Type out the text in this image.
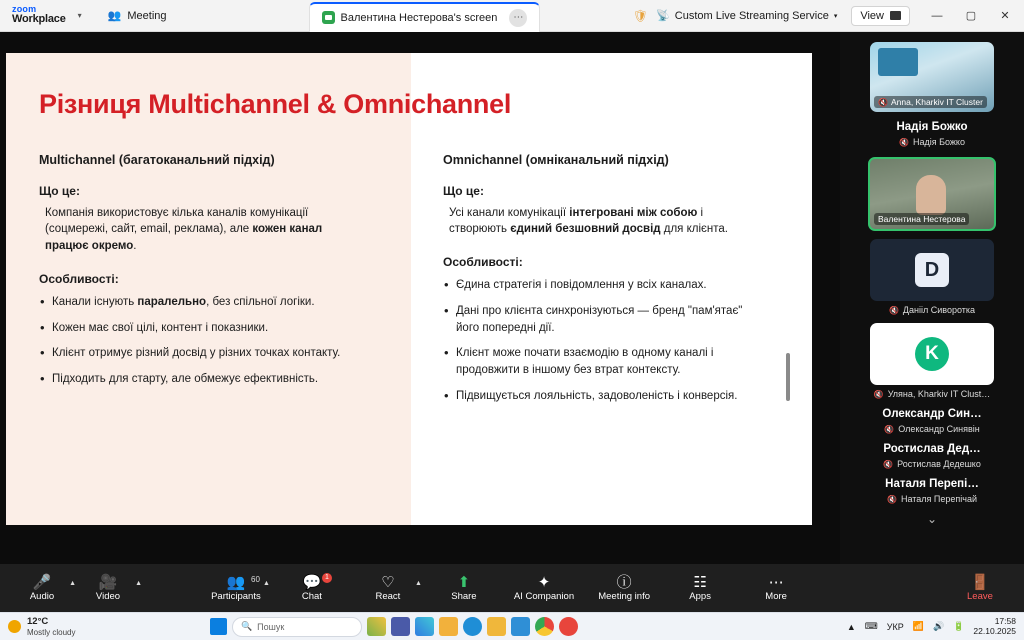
zoom
Workplace ▾	👥 Meeting	Валентина Нестерова's screen	⋯	🛡 📡 Custom Live Streaming Service ▾ View	—	▢	✕
Різниця Multichannel & Omnichannel
Multichannel (багатоканальний підхід)
Що це:

Компанія використовує кілька каналів комунікації (соцмережі, сайт, email, реклама), але кожен канал працює окремо.

Особливості:
• Канали існують паралельно, без спільної логіки.
• Кожен має свої цілі, контент і показники.
• Клієнт отримує різний досвід у різних точках контакту.
• Підходить для старту, але обмежує ефективність.
Omnichannel (омніканальний підхід)
Що це:

Усі канали комунікації інтегровані між собою і створюють єдиний безшовний досвід для клієнта.

Особливості:
• Єдина стратегія і повідомлення у всіх каналах.
• Дані про клієнта синхронізуються — бренд "пам'ятає" його попередні дії.
• Клієнт може почати взаємодію в одному каналі і продовжити в іншому без втрат контексту.
• Підвищується лояльність, задоволеність і конверсія.
🔇 Anna, Kharkiv IT Cluster
Надія Божко
🔇 Надія Божко
Валентина Нестерова
D
🔇 Данііл Сиворотка
K
🔇 Уляна, Kharkiv IT Clust…
Олександр Син…
🔇 Олександр Синявін
Ростислав Дед…
🔇 Ростислав Дедешко
Наталя Перепі…
🔇 Наталя Перепічай
⌄
🎤
Audio
▲ 🎥
Video
▲	👥 60
Participants
▲ 💬 1
Chat
♡
React
▲ ⬆
Share
✦
AI Companion
ⓘ
Meeting info
☷
Apps
⋯
More
🚪
Leave
12°C
Mostly cloudy
🔍 Пошук	▲ ⌨ УКР 📶 🔊 🔋
17:58
22.10.2025
